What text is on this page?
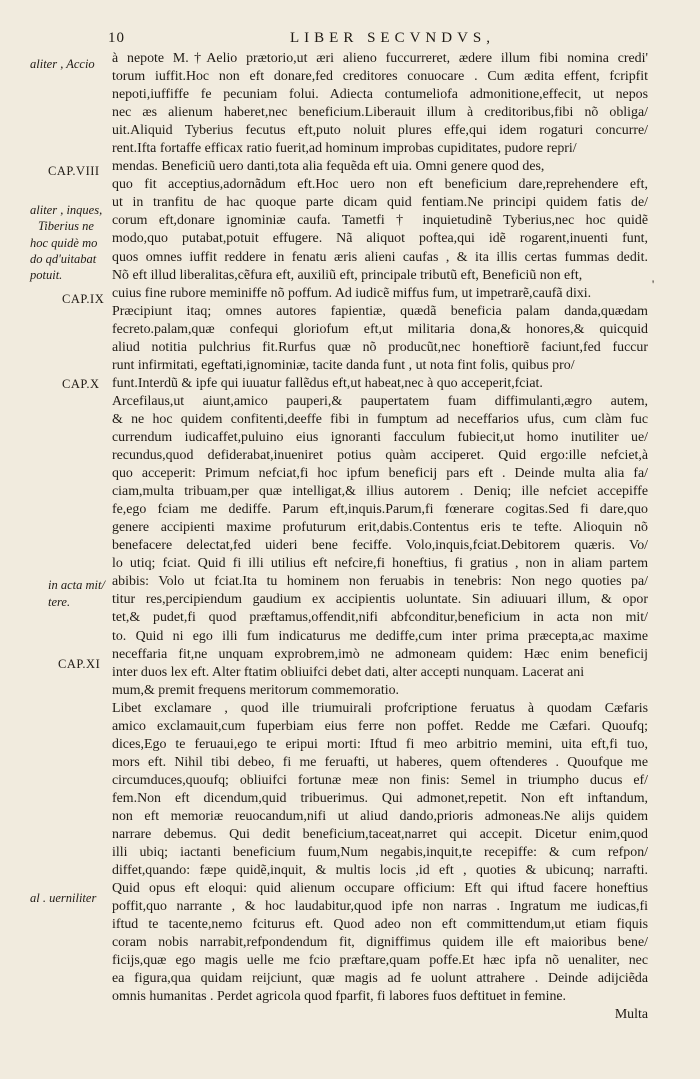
10	LIBER SECVNDVS,
aliter , Accio
CAP.VIII
aliter , inques,
Tiberius ne
hoc quidè mo
do qd'uitabat
potuit.
CAP.IX
CAP.X
in acta mit/
tere.
CAP.XI
al . uerniliter
à nepote M.†Aelio prætorio,ut æri alieno fuccurreret, ædere illum fibi nomina credi'
torum iuffit.Hoc non eft donare,fed creditores conuocare . Cum ædita effent, fcripfit
nepoti,iuffiffe fe pecuniam folui. Adiecta contumeliofa admonitione,effecit, ut nepos
nec æs alienum haberet,nec beneficium.Liberauit illum à creditoribus,fibi nõ obliga/
uit.Aliquid Tyberius fecutus eft,puto noluit plures effe,qui idem rogaturi concurre/
rent.Ifta fortaffe efficax ratio fuerit,ad hominum improbas cupiditates, pudore repri/
mendas. Beneficiũ uero danti,tota alia fequẽda eft uia. Omni genere quod des,
quo fit acceptius,adornãdum eft.Hoc uero non eft beneficium dare,reprehendere eft,
ut in tranfitu de hac quoque parte dicam quid fentiam.Ne principi quidem fatis de/
corum eft,donare ignominiæ caufa. Tametfi † inquietudinẽ Tyberius,nec hoc quidẽ
modo,quo putabat,potuit effugere. Nã aliquot poftea,qui idẽ rogarent,inuenti funt,
quos omnes iuffit reddere in fenatu æris alieni caufas , & ita illis certas fummas dedit.
Nõ eft illud liberalitas,cẽfura eft, auxiliũ eft, principale tributũ eft, Beneficiũ non eft,
cuius fine rubore meminiffe nõ poffum. Ad iudicẽ miffus fum, ut impetrarẽ,caufã dixi.
Præcipiunt itaq; omnes autores fapientiæ, quædã beneficia palam danda,quædam
fecreto.palam,quæ confequi gloriofum eft,ut militaria dona,& honores,& quicquid
aliud notitia pulchrius fit.Rurfus quæ nõ producũt,nec honeftiorẽ faciunt,fed fuccur
runt infirmitati, egeftati,ignominiæ, tacite danda funt , ut nota fint folis, quibus pro/
funt.Interdũ & ipfe qui iuuatur fallẽdus eft,ut habeat,nec à quo acceperit,fciat.
Arcefilaus,ut aiunt,amico pauperi,& paupertatem fuam diffimulanti,ægro autem,
& ne hoc quidem confitenti,deeffe fibi in fumptum ad neceffarios ufus, cum clàm fuc
currendum iudicaffet,puluino eius ignoranti facculum fubiecit,ut homo inutiliter ue/
recundus,quod defiderabat,inueniret potius quàm acciperet. Quid ergo:ille nefciet,à
quo acceperit: Primum nefciat,fi hoc ipfum beneficij pars eft . Deinde multa alia fa/
ciam,multa tribuam,per quæ intelligat,& illius autorem . Deniq; ille nefciet accepiffe
fe,ego fciam me dediffe. Parum eft,inquis.Parum,fi fœnerare cogitas.Sed fi dare,quo
genere accipienti maxime profuturum erit,dabis.Contentus eris te tefte. Alioquin nõ
benefacere delectat,fed uideri bene feciffe. Volo,inquis,fciat.Debitorem quæris. Vo/
lo utiq; fciat. Quid fi illi utilius eft nefcire,fi honeftius, fi gratius , non in aliam partem
abibis: Volo ut fciat.Ita tu hominem non feruabis in tenebris: Non nego quoties pa/
titur res,percipiendum gaudium ex accipientis uoluntate. Sin adiuuari illum, & opor
tet,& pudet,fi quod præftamus,offendit,nifi abfconditur,beneficium in acta non mit/
to. Quid ni ego illi fum indicaturus me dediffe,cum inter prima præcepta,ac maxime
neceffaria fit,ne unquam exprobrem,imò ne admoneam quidem: Hæc enim beneficij
inter duos lex eft. Alter ftatim obliuifci debet dati, alter accepti nunquam. Lacerat ani
mum,& premit frequens meritorum commemoratio.
Libet exclamare , quod ille triumuirali profcriptione feruatus à quodam Cæfaris
amico exclamauit,cum fuperbiam eius ferre non poffet. Redde me Cæfari. Quoufq;
dices,Ego te feruaui,ego te eripui morti: Iftud fi meo arbitrio memini, uita eft,fi tuo,
mors eft. Nihil tibi debeo, fi me feruafti, ut haberes, quem oftenderes . Quoufque me
circumduces,quoufq; obliuifci fortunæ meæ non finis: Semel in triumpho ducus ef/
fem.Non eft dicendum,quid tribuerimus. Qui admonet,repetit. Non eft inftandum,
non eft memoriæ reuocandum,nifi ut aliud dando,prioris admoneas.Ne alijs quidem
narrare debemus. Qui dedit beneficium,taceat,narret qui accepit. Dicetur enim,quod
illi ubiq; iactanti beneficium fuum,Num negabis,inquit,te recepiffe: & cum refpon/
diffet,quando: fæpe quidẽ,inquit, & multis locis ,id eft , quoties & ubicunq; narrafti.
Quid opus eft eloqui: quid alienum occupare officium: Eft qui iftud facere honeftius
poffit,quo narrante , & hoc laudabitur,quod ipfe non narras . Ingratum me iudicas,fi
iftud te tacente,nemo fciturus eft. Quod adeo non eft committendum,ut etiam fiquis
coram nobis narrabit,refpondendum fit, digniffimus quidem ille eft maioribus bene/
ficijs,quæ ego magis uelle me fcio præftare,quam poffe.Et hæc ipfa nõ uenaliter, nec
ea figura,qua quidam reijciunt, quæ magis ad fe uolunt attrahere . Deinde adijciẽda
omnis humanitas . Perdet agricola quod fparfit, fi labores fuos deftituet in femine.
Multa
'
